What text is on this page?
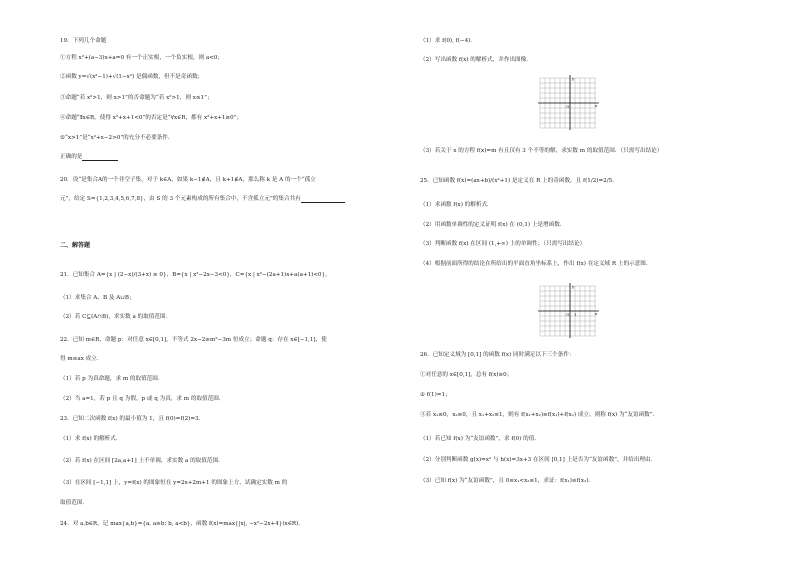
19．下列几个命题
①方程 x²+(a−3)x+a=0 有一个正实根，一个负实根，则 a<0；
②函数 y=√(x²−1)+√(1−x²) 是偶函数，但不是奇函数；
③命题“若 x²>1，则 x>1”的否命题为“若 x²>1，则 x≤1”；
④命题“∃x∈R，使得 x²+x+1<0”的否定是“∀x∈R，都有 x²+x+1≥0”；
⑤“x>1”是“x²+x−2>0”的充分不必要条件．
正确的是
20．设“是集合A的一个非空子集，对于 k∈A，如果 k−1∉A，且 k+1∉A，那么称 k 是 A 的一个“孤立
元”，给定 S={1,2,3,4,5,6,7,8}，由 S 的 3 个元素构成的所有集合中，不含孤立元”的集合共有
二、解答题
21．已知集合 A={x | (2−x)/(3+x) ≥ 0}，B={x | x²−2x−3<0}，C={x | x²−(2a+1)x+a(a+1)<0}，
（1）求集合 A、B 及 A∪B；
（2）若 C⊆(A∩B)，求实数 a 的取值范围．
22．已知 m∈R，命题 p：对任意 x∈[0,1]，不等式 2x−2≥m²−3m 恒成立；命题 q：存在 x∈[−1,1]，使
得 m≤ax 成立．
（1）若 p 为真命题，求 m 的取值范围．
（2）当 a=1，若 p 且 q 为假，p 或 q 为真，求 m 的取值范围．
23．已知二次函数 f(x) 的最小值为 1，且 f(0)=f(2)=3．
（1）求 f(x) 的解析式．
（2）若 f(x) 在区间 [2a,a+1] 上不单调，求实数 a 的取值范围．
（3）在区间 [−1,1] 上，y=f(x) 的图象恒在 y=2x+2m+1 的图象上方，试确定实数 m 的
取值范围．
24．对 a,b∈R，记 max{a,b}={a, a≥b; b, a<b}，函数 f(x)=max{|x|, −x²−2x+4}(x∈R)．
（1）求 f(0), f(−4)．
（2）写出函数 f(x) 的解析式，并作出图像．
O	x
y
（3）若关于 x 的方程 f(x)=m 有且仅有 3 个不等的解，求实数 m 的取值范围．（只需写出结论）
25．已知函数 f(x)=(ax+b)/(x²+1) 是定义在 R 上的奇函数，且 f(1/2)=2/5．
（1）求函数 f(x) 的解析式．
（2）用函数单调性的定义证明 f(x) 在 (0,1) 上是增函数．
（3）判断函数 f(x) 在区间 (1,+∞) 上的单调性；（只需写出结论）
（4）根据前面所得的结论在所给出的平面直角坐标系上，作出 f(x) 在定义域 R 上的示意图．
O 1	x
y
26．已知定义域为 [0,1] 的函数 f(x) 同时满足以下三个条件：
①对任意的 x∈[0,1]，总有 f(x)≥0；
② f(1)=1；
③若 x₁≥0，x₂≥0，且 x₁+x₂≤1，则有 f(x₁+x₂)≥f(x₁)+f(x₂) 成立，则称 f(x) 为“友谊函数”．
（1）若已知 f(x) 为“友谊函数”，求 f(0) 的值．
（2）分别判断函数 g(x)=x² 与 h(x)=3x+3 在区间 [0,1] 上是否为“友谊函数”，并给出理由．
（3）已知 f(x) 为“友谊函数”，且 0≤x₁<x₂≤1，求证：f(x₁)≤f(x₂)．
